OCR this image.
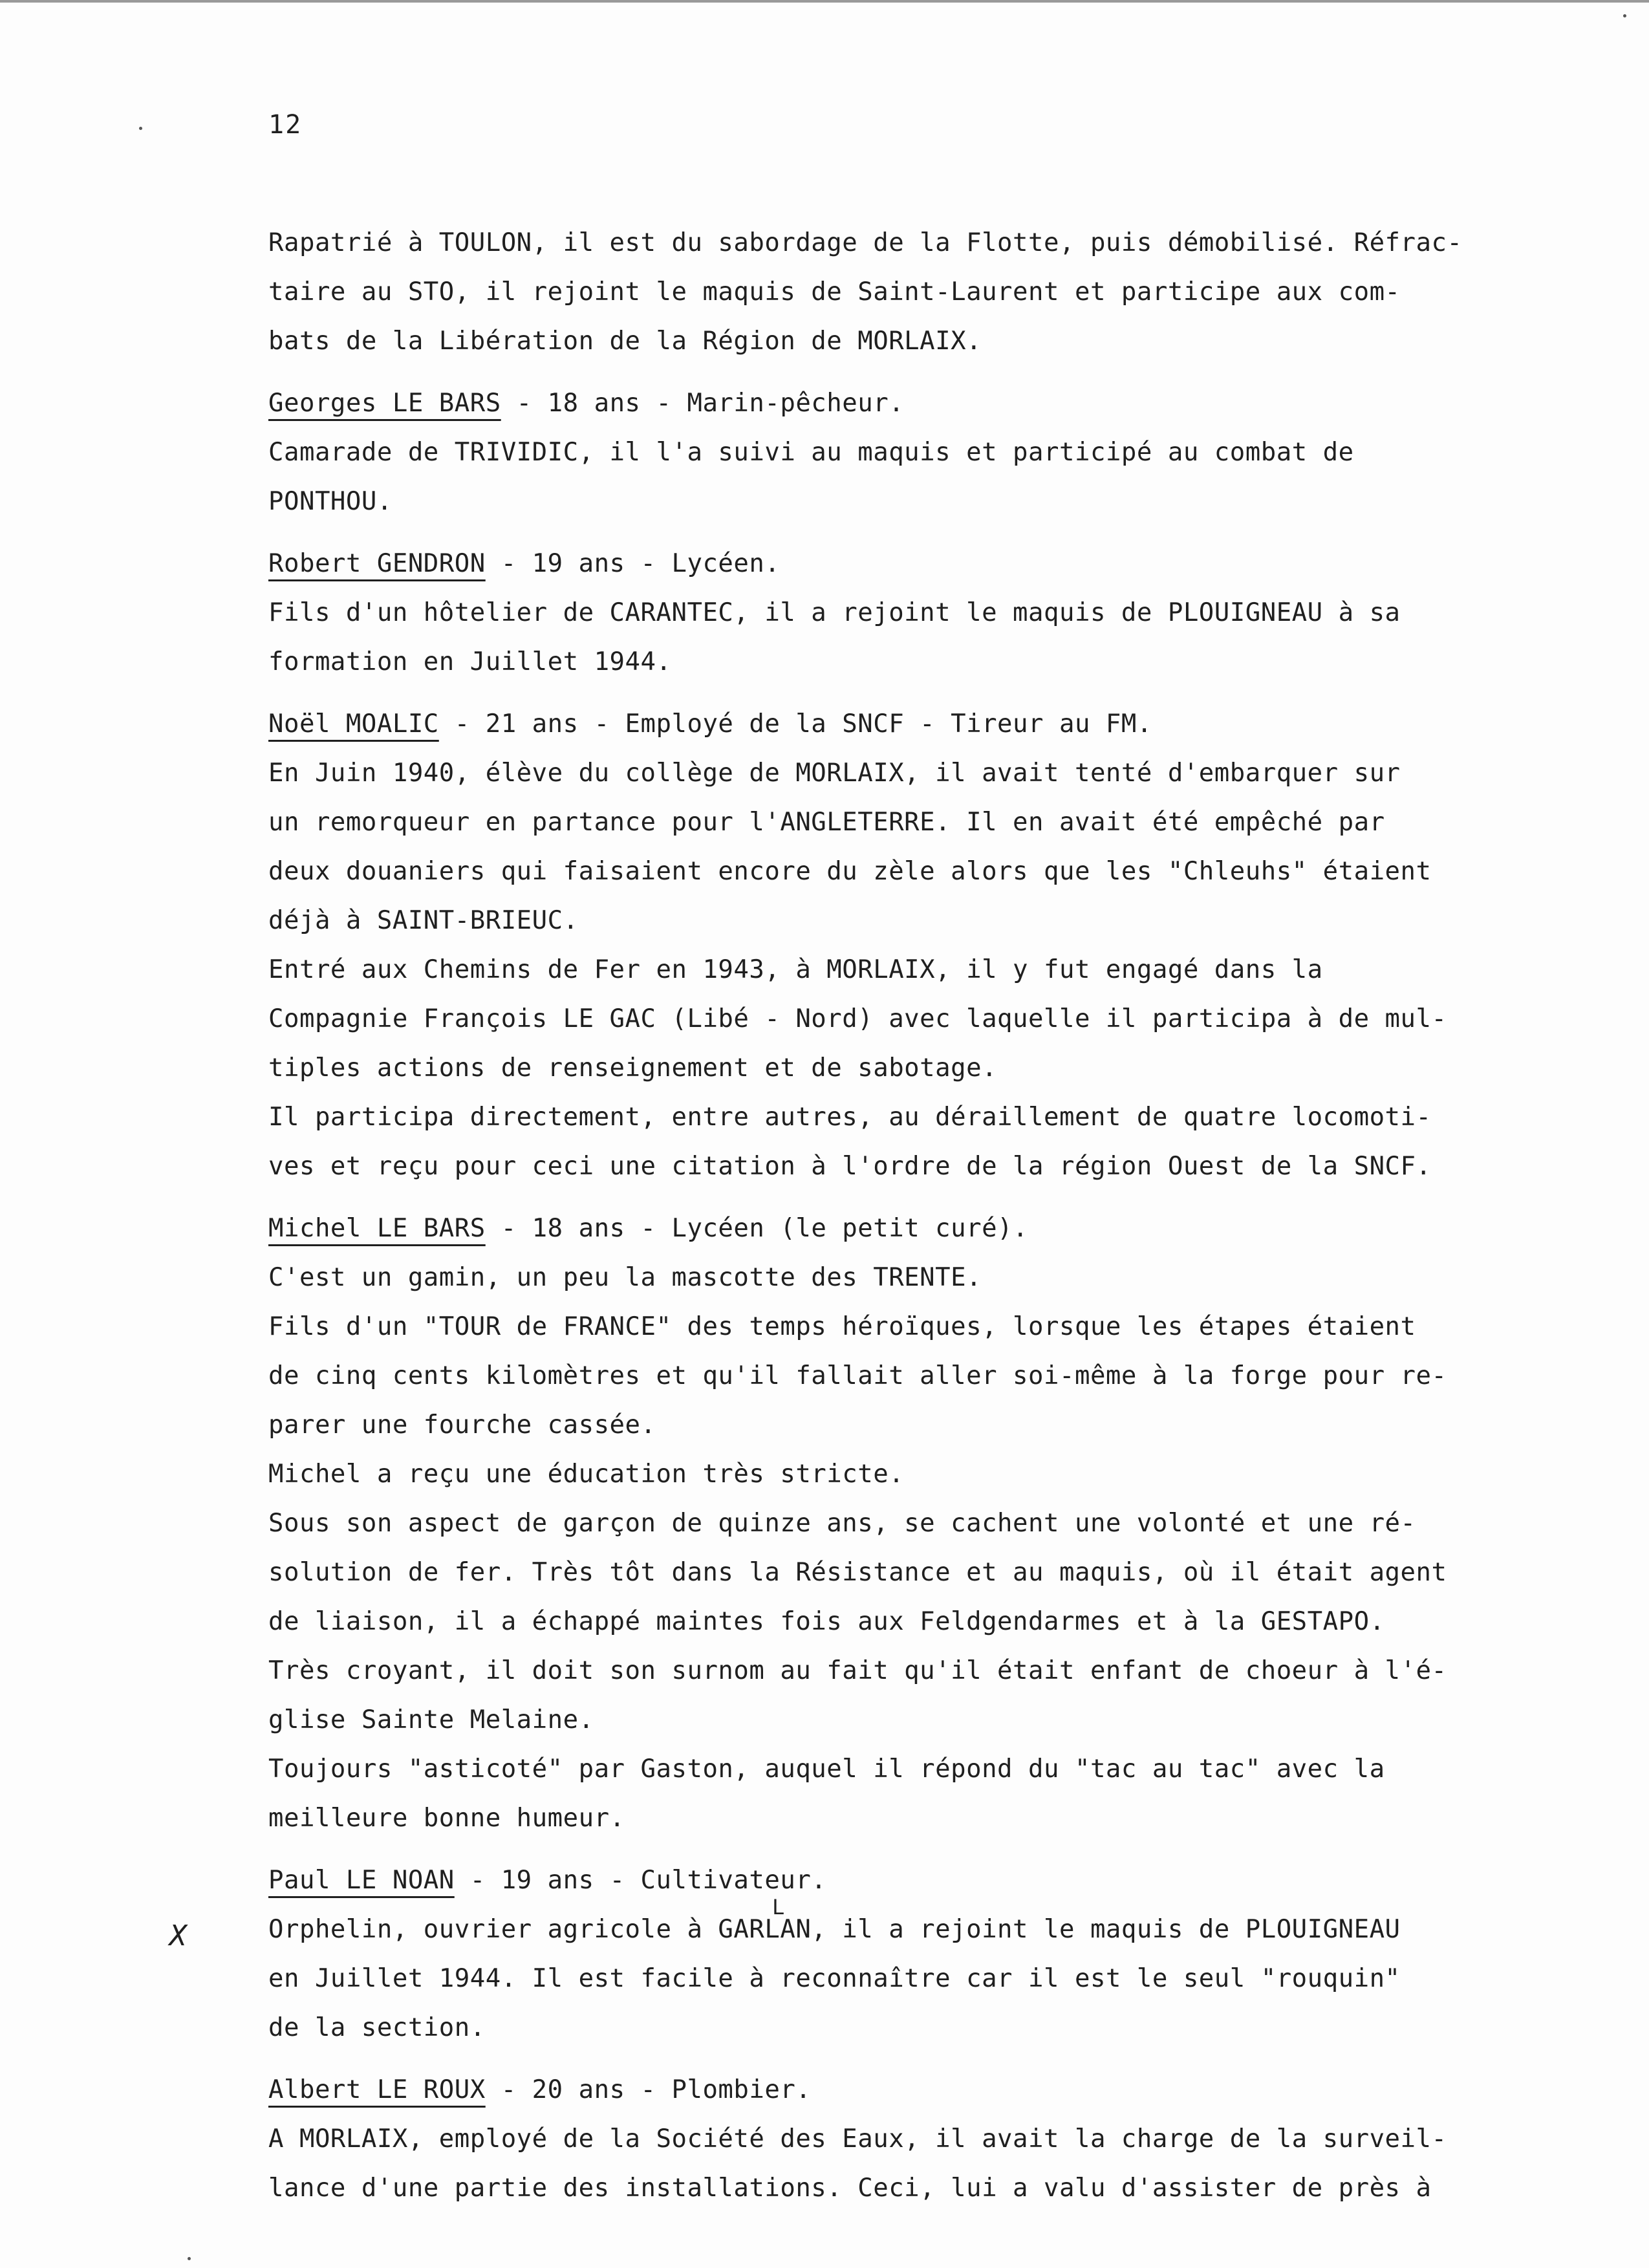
12
Rapatrié à TOULON, il est du sabordage de la Flotte, puis démobilisé. Réfrac-
taire au STO, il rejoint le maquis de Saint-Laurent et participe aux com-
bats de la Libération de la Région de MORLAIX.
Georges LE BARS - 18 ans - Marin-pêcheur.
Camarade de TRIVIDIC, il l'a suivi au maquis et participé au combat de
PONTHOU.
Robert GENDRON - 19 ans - Lycéen.
Fils d'un hôtelier de CARANTEC, il a rejoint le maquis de PLOUIGNEAU à sa
formation en Juillet 1944.
Noël MOALIC - 21 ans - Employé de la SNCF - Tireur au FM.
En Juin 1940, élève du collège de MORLAIX, il avait tenté d'embarquer sur
un remorqueur en partance pour l'ANGLETERRE. Il en avait été empêché par
deux douaniers qui faisaient encore du zèle alors que les "Chleuhs" étaient
déjà à SAINT-BRIEUC.
Entré aux Chemins de Fer en 1943, à MORLAIX, il y fut engagé dans la
Compagnie François LE GAC (Libé - Nord) avec laquelle il participa à de mul-
tiples actions de renseignement et de sabotage.
Il participa directement, entre autres, au déraillement de quatre locomoti-
ves et reçu pour ceci une citation à l'ordre de la région Ouest de la SNCF.
Michel LE BARS - 18 ans - Lycéen (le petit curé).
C'est un gamin, un peu la mascotte des TRENTE.
Fils d'un "TOUR de FRANCE" des temps héroïques, lorsque les étapes étaient
de cinq cents kilomètres et qu'il fallait aller soi-même à la forge pour re-
parer une fourche cassée.
Michel a reçu une éducation très stricte.
Sous son aspect de garçon de quinze ans, se cachent une volonté et une ré-
solution de fer. Très tôt dans la Résistance et au maquis, où il était agent
de liaison, il a échappé maintes fois aux Feldgendarmes et à la GESTAPO.
Très croyant, il doit son surnom au fait qu'il était enfant de choeur à l'é-
glise Sainte Melaine.
Toujours "asticoté" par Gaston, auquel il répond du "tac au tac" avec la
meilleure bonne humeur.
Paul LE NOAN - 19 ans - Cultivateur.
Orphelin, ouvrier agricole à GARLAN, il a rejoint le maquis de PLOUIGNEAU
en Juillet 1944. Il est facile à reconnaître car il est le seul "rouquin"
de la section.
Albert LE ROUX - 20 ans - Plombier.
A MORLAIX, employé de la Société des Eaux, il avait la charge de la surveil-
lance d'une partie des installations. Ceci, lui a valu d'assister de près à
X
L
